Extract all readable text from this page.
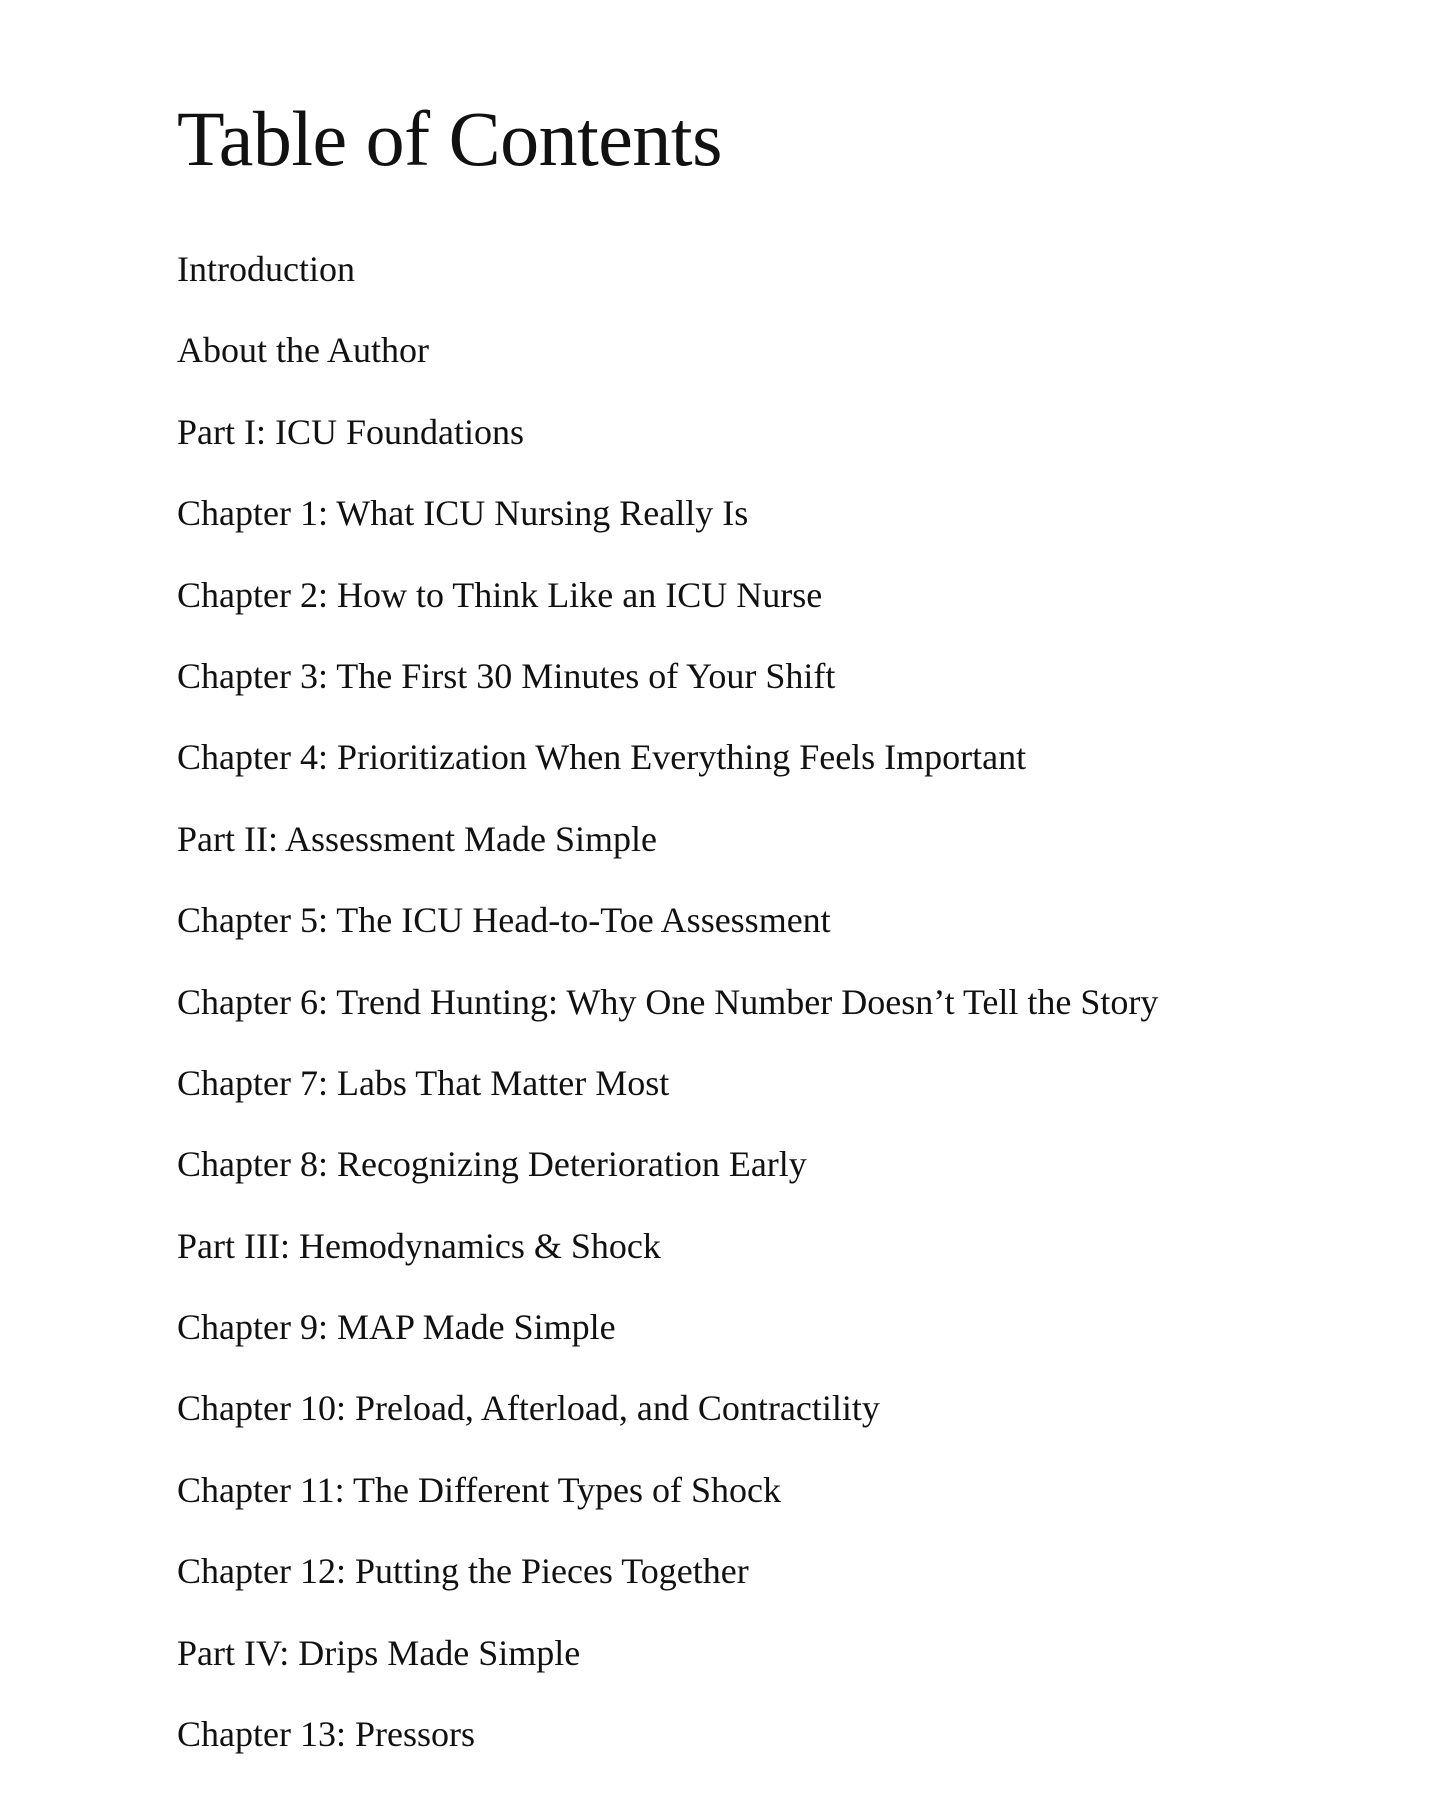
Table of Contents
Introduction
About the Author
Part I: ICU Foundations
Chapter 1: What ICU Nursing Really Is
Chapter 2: How to Think Like an ICU Nurse
Chapter 3: The First 30 Minutes of Your Shift
Chapter 4: Prioritization When Everything Feels Important
Part II: Assessment Made Simple
Chapter 5: The ICU Head-to-Toe Assessment
Chapter 6: Trend Hunting: Why One Number Doesn’t Tell the Story
Chapter 7: Labs That Matter Most
Chapter 8: Recognizing Deterioration Early
Part III: Hemodynamics & Shock
Chapter 9: MAP Made Simple
Chapter 10: Preload, Afterload, and Contractility
Chapter 11: The Different Types of Shock
Chapter 12: Putting the Pieces Together
Part IV: Drips Made Simple
Chapter 13: Pressors
